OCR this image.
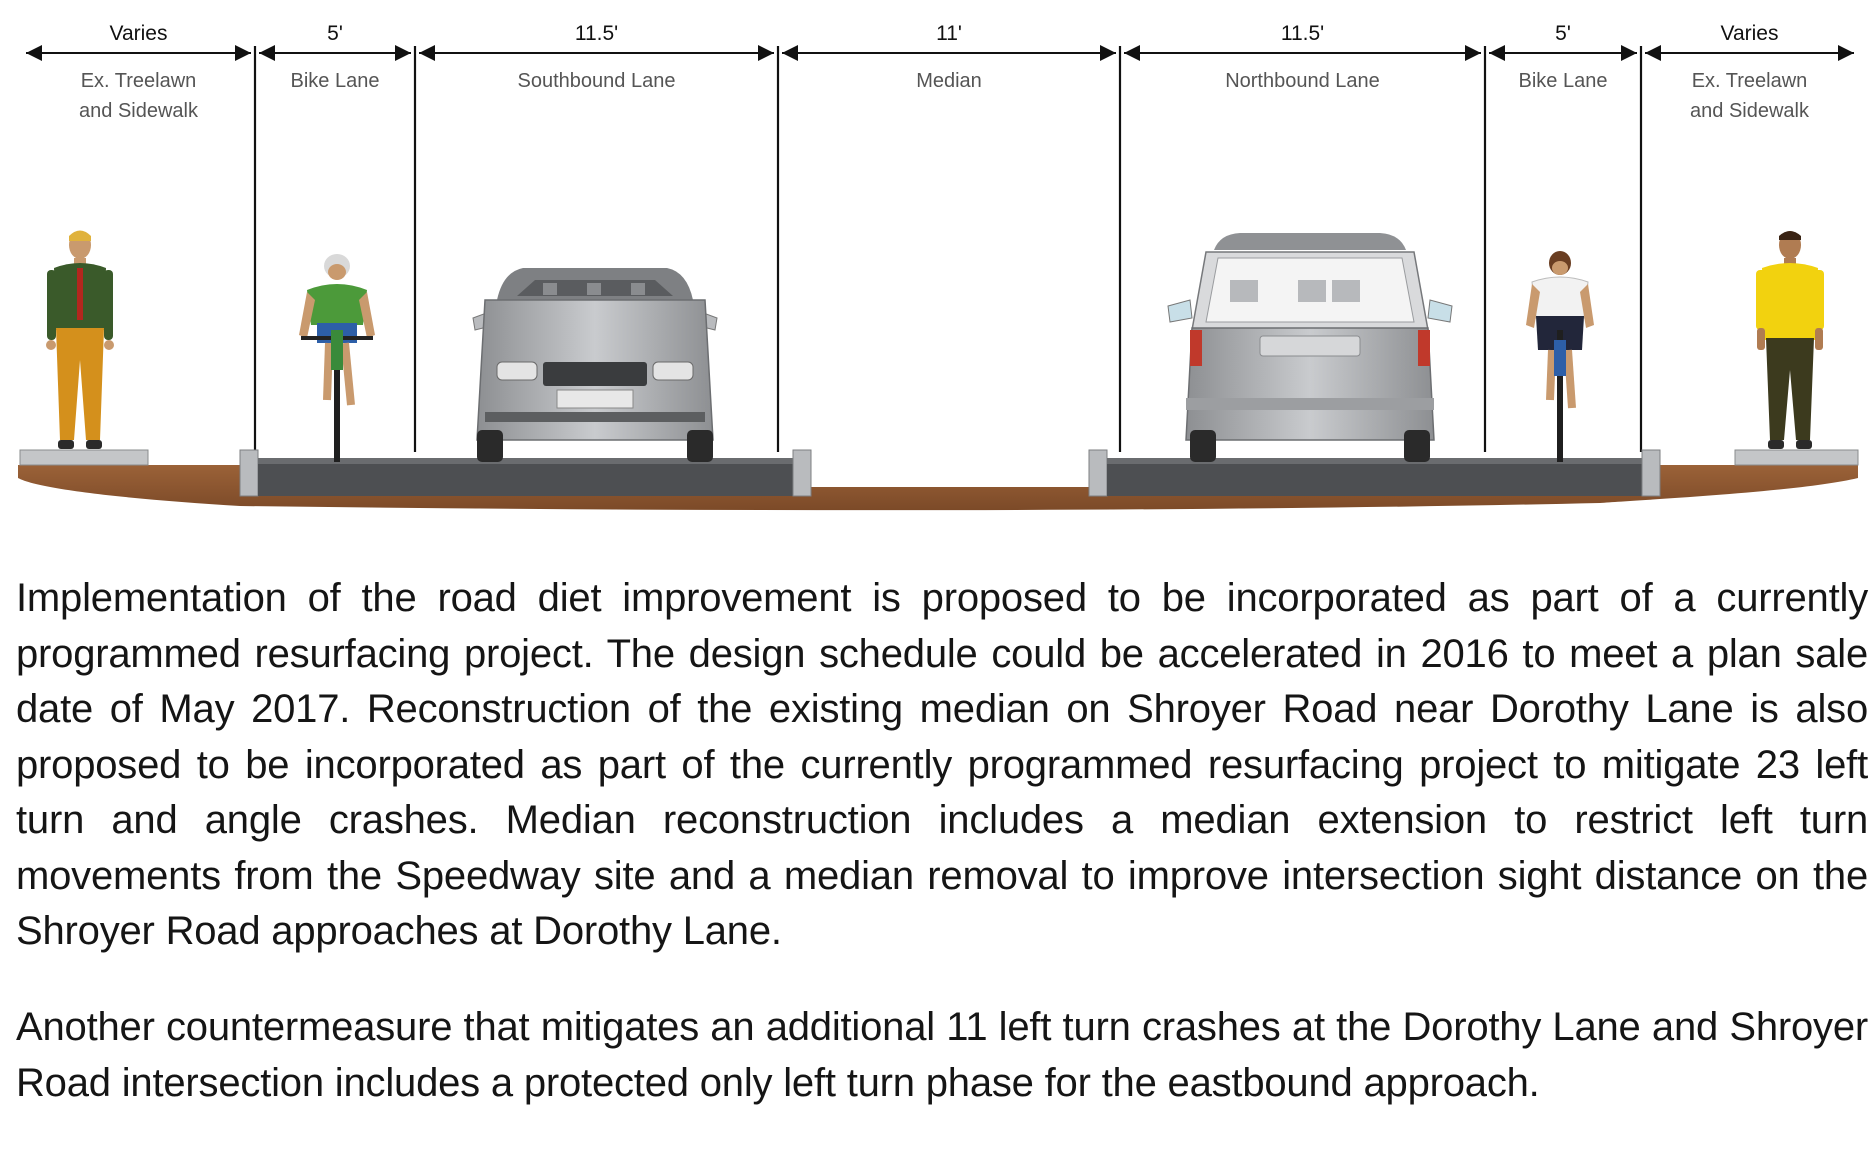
Varies
Ex. Treelawn
and Sidewalk
5'
Bike Lane
11.5'
Southbound Lane
11'
Median
11.5'
Northbound Lane
5'
Bike Lane
Varies
Ex. Treelawn
and Sidewalk

Implementation of the road diet improvement is proposed to be incorporated as part of a currently programmed resurfacing project. The design schedule could be accelerated in 2016 to meet a plan sale date of May 2017. Reconstruction of the existing median on Shroyer Road near Dorothy Lane is also proposed to be incorporated as part of the currently programmed resurfacing project to mitigate 23 left turn and angle crashes. Median reconstruction includes a median extension to restrict left turn movements from the Speedway site and a median removal to improve intersection sight distance on the Shroyer Road approaches at Dorothy Lane.

Another countermeasure that mitigates an additional 11 left turn crashes at the Dorothy Lane and Shroyer Road intersection includes a protected only left turn phase for the eastbound approach.
